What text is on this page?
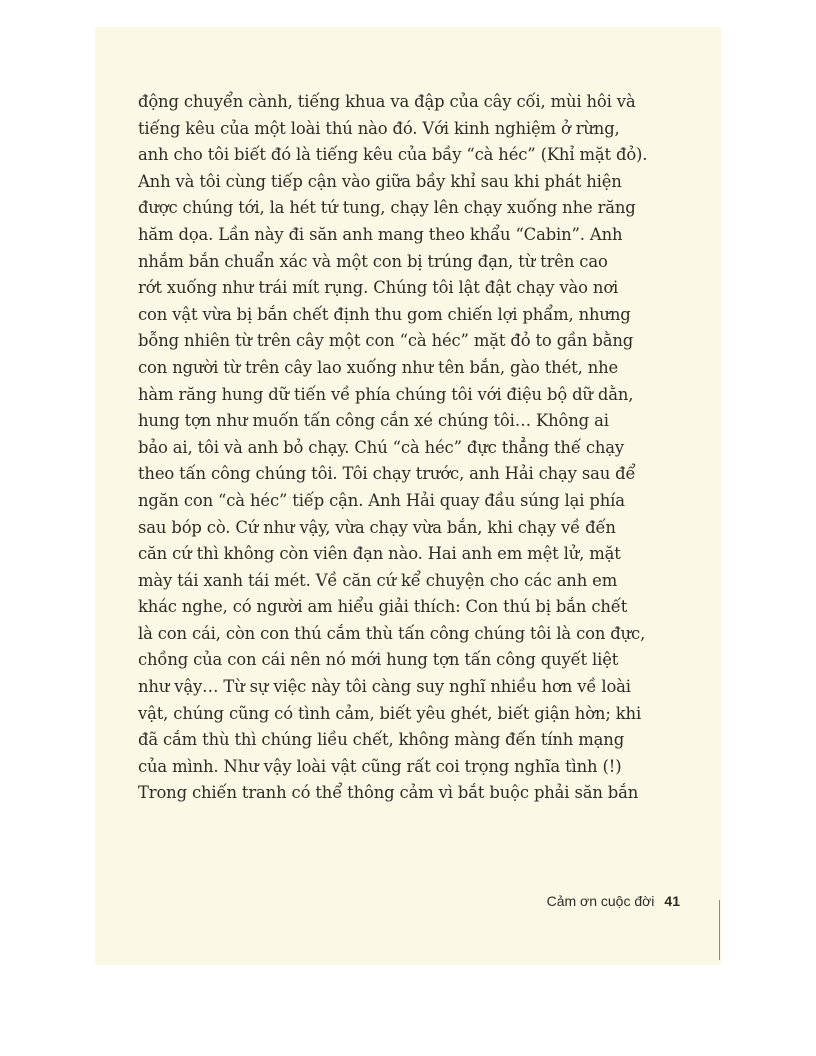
động chuyển cành, tiếng khua va đập của cây cối, mùi hôi và
tiếng kêu của một loài thú nào đó. Với kinh nghiệm ở rừng,
anh cho tôi biết đó là tiếng kêu của bầy “cà héc” (Khỉ mặt đỏ).
Anh và tôi cùng tiếp cận vào giữa bầy khỉ sau khi phát hiện
được chúng tới, la hét tứ tung, chạy lên chạy xuống nhe răng
hăm dọa. Lần này đi săn anh mang theo khẩu “Cabin”. Anh
nhắm bắn chuẩn xác và một con bị trúng đạn, từ trên cao
rớt xuống như trái mít rụng. Chúng tôi lật đật chạy vào nơi
con vật vừa bị bắn chết định thu gom chiến lợi phẩm, nhưng
bỗng nhiên từ trên cây một con “cà héc” mặt đỏ to gần bằng
con người từ trên cây lao xuống như tên bắn, gào thét, nhe
hàm răng hung dữ tiến về phía chúng tôi với điệu bộ dữ dằn,
hung tợn như muốn tấn công cắn xé chúng tôi… Không ai
bảo ai, tôi và anh bỏ chạy. Chú “cà héc” đực thẳng thế chạy
theo tấn công chúng tôi. Tôi chạy trước, anh Hải chạy sau để
ngăn con “cà héc” tiếp cận. Anh Hải quay đầu súng lại phía
sau bóp cò. Cứ như vậy, vừa chạy vừa bắn, khi chạy về đến
căn cứ thì không còn viên đạn nào. Hai anh em mệt lử, mặt
mày tái xanh tái mét. Về căn cứ kể chuyện cho các anh em
khác nghe, có người am hiểu giải thích: Con thú bị bắn chết
là con cái, còn con thú cắm thù tấn công chúng tôi là con đực,
chồng của con cái nên nó mới hung tợn tấn công quyết liệt
như vậy… Từ sự việc này tôi càng suy nghĩ nhiều hơn về loài
vật, chúng cũng có tình cảm, biết yêu ghét, biết giận hờn; khi
đã cắm thù thì chúng liều chết, không màng đến tính mạng
của mình. Như vậy loài vật cũng rất coi trọng nghĩa tình (!)
Trong chiến tranh có thể thông cảm vì bắt buộc phải săn bắn
Cảm ơn cuộc đời 41
